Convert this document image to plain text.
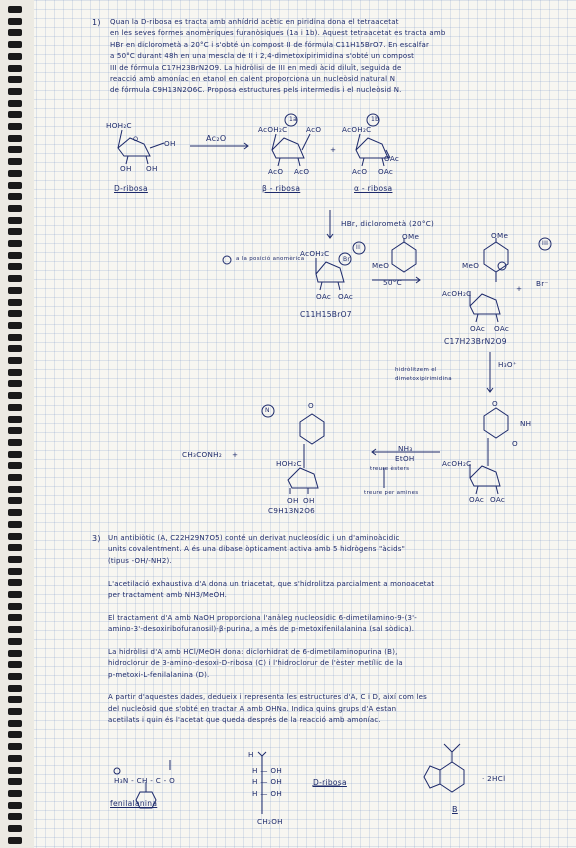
1) Quan la D-ribosa es tracta amb anhídrid acètic en piridina dona el tetraacetat
en les seves formes anomèriques furanòsiques (1a i 1b). Aquest tetraacetat es tracta amb
HBr en diclorometà a 20°C i s'obté un compost II de fórmula C11H15BrO7. En escalfar
a 50°C durant 48h en una mescla de II i 2,4-dimetoxipirimidina s'obté un compost
III de fórmula C17H23BrN2O9. La hidròlisi de III en medi àcid diluït, seguida de
reacció amb amoníac en etanol en calent proporciona un nucleòsid natural N
de fórmula C9H13N2O6C. Proposa estructures pels intermedis i el nucleòsid N.
HOH₂C
OH OH
OH
D-ribosa
Ac₂O
AcOH₂C	AcO
AcO AcO
β - ribosa
1a
+
AcOH₂C
1b
OAc
AcO OAc
α - ribosa
HBr, diclorometà (20°C)
a la posició anomèrica
AcOH₂C
Br
II
OAc OAc
C11H15BrO7
MeO
OMe
50°C
OMe
MeO
III
+
Br⁻
AcOH₂C
OAc OAc
C17H23BrN2O9
hidròlitzem el dimetoxipirimidina
H₃O⁺
O
NH
O
AcOH₂C
OAc OAc
NH₃
EtOH
treure èsters
treure per amines
CH₃CONH₂ +
N
O
HOH₂C
OH OH
C9H13N2O6
3) Un antibiòtic (A, C22H29N7O5) conté un derivat nucleosídic i un d'aminoàcidic
units covalentment. A és una dibase òpticament activa amb 5 hidrògens "àcids"
(tipus -OH/-NH2).
L'acetilació exhaustiva d'A dona un triacetat, que s'hidrolitza parcialment a monoacetat
per tractament amb NH3/MeOH.
El tractament d'A amb NaOH proporciona l'anàleg nucleosídic 6-dimetilamino-9-(3'-
amino-3'-desoxiribofuranosil)-β-purina, a més de p-metoxifenilalanina (sal sòdica).
La hidròlisi d'A amb HCl/MeOH dona: diclorhidrat de 6-dimetilaminopurina (B),
hidroclorur de 3-amino-desoxi-D-ribosa (C) i l'hidroclorur de l'èster metílic de la
p-metoxi-L-fenilalanina (D).
A partir d'aquestes dades, dedueix i representa les estructures d'A, C i D, així com les
del nucleòsid que s'obté en tractar A amb OHNa. Indica quins grups d'A estan
acetilats i quin és l'acetat que queda després de la reacció amb amoníac.
H₃N - CH - C - O
fenilalanina
H
H — OH
H — OH
H — OH
CH₂OH
D-ribosa	· 2HCl
B
O
